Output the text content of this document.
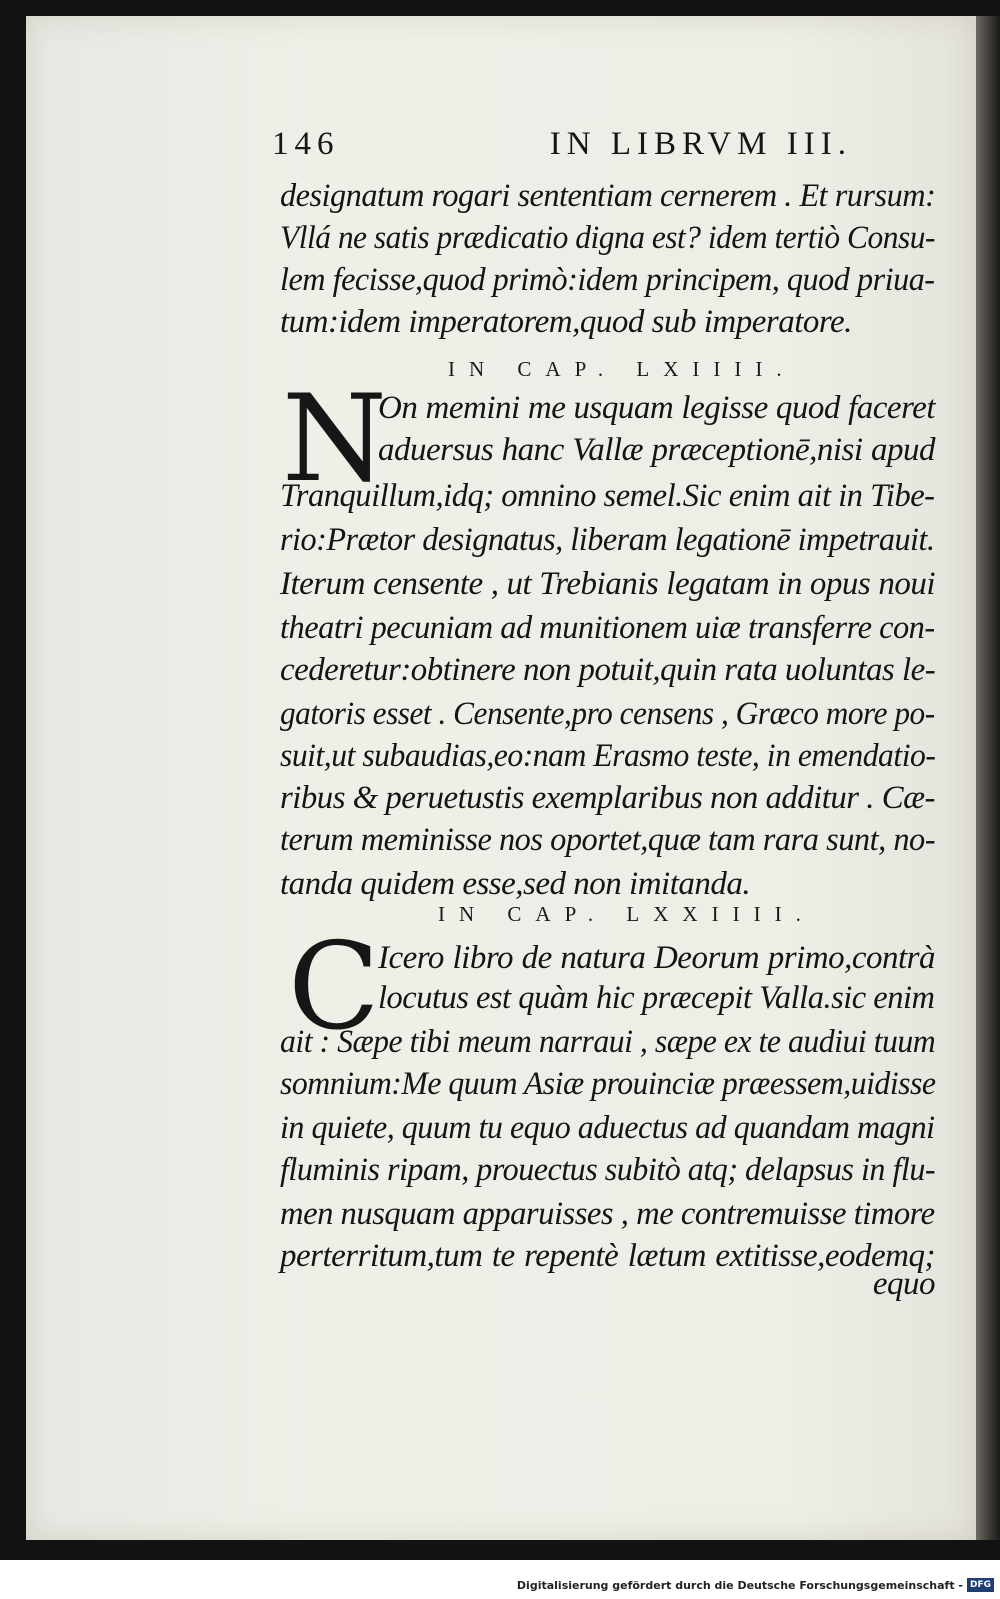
146	IN LIBRVM III.
designatum rogari sententiam cernerem . Et rursum:
Vllá ne satis prædicatio digna est? idem tertiò Consu-
lem fecisse,quod primò:idem principem, quod priua-
tum:idem imperatorem,quod sub imperatore.
IN CAP. LXIIII.
N
On memini me usquam legisse quod faceret
aduersus hanc Vallæ præceptionē,nisi apud
Tranquillum,idq; omnino semel.Sic enim ait in Tibe-
rio:Prætor designatus, liberam legationē impetrauit.
Iterum censente , ut Trebianis legatam in opus noui
theatri pecuniam ad munitionem uiæ transferre con-
cederetur:obtinere non potuit,quin rata uoluntas le-
gatoris esset . Censente,pro censens , Græco more po-
suit,ut subaudias,eo:nam Erasmo teste, in emendatio-
ribus & peruetustis exemplaribus non additur . Cæ-
terum meminisse nos oportet,quæ tam rara sunt, no-
tanda quidem esse,sed non imitanda.
IN CAP. LXXIIII.
C
Icero libro de natura Deorum primo,contrà
locutus est quàm hic præcepit Valla.sic enim
ait : Sæpe tibi meum narraui , sæpe ex te audiui tuum
somnium:Me quum Asiæ prouinciæ præessem,uidisse
in quiete, quum tu equo aduectus ad quandam magni
fluminis ripam, prouectus subitò atq; delapsus in flu-
men nusquam apparuisses , me contremuisse timore
perterritum,tum te repentè lætum extitisse,eodemq;
equo
Digitalisierung gefördert durch die Deutsche Forschungsgemeinschaft - DFG
